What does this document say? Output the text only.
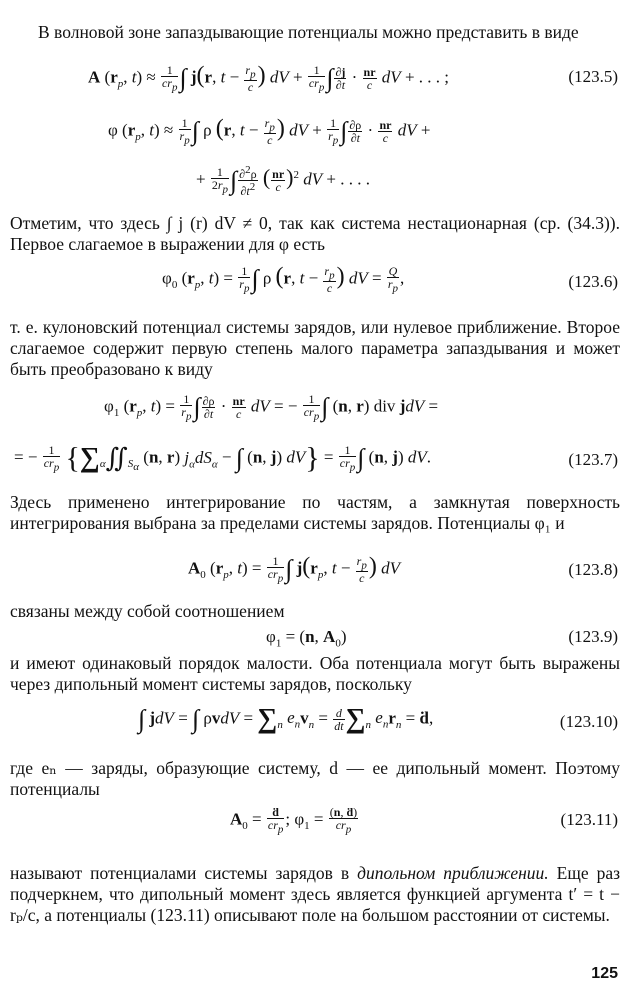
В волновой зоне запаздывающие потенциалы можно представить в виде

A ($r_p$, $t) \approx \frac{1}{cr_p}$ ∫ j(r, $t - \frac{r_p}{c}$ ) dV + $\frac{1}{cr_p}$ ∫ $\frac{\partial j}{\partial t} \cdot \frac{nr}{c}$ dV + . . . ;	(123.5)
φ ($r_p$, $t) \approx \frac{1}{r_p}$ ∫ ρ (r, $t - \frac{r_p}{c}$ ) dV + $\frac{1}{r_p}$ ∫ $\frac{\partial\rho}{\partial t} \cdot \frac{nr}{c}$ dV +
+ $\frac{1}{2r_p}$ ∫ $\frac{\partial^2\rho}{\partial t^2}$ ( $\frac{nr}{c} )^2$ dV + . . . .

Отметим, что здесь ∫ j (r) dV ≠ 0, так как система нестационарная (ср. (34.3)). Первое слагаемое в выражении для φ есть

$\varphi_0$ ($r_p$, $t) = \frac{1}{r_p}$ ∫ ρ (r, $t - \frac{r_p}{c}$ ) dV = $\frac{Q}{r_p}$ ,	(123.6)

т. е. кулоновский потенциал системы зарядов, или нулевое приближение. Второе слагаемое содержит первую степень малого параметра запаздывания и может быть преобразовано к виду

$\varphi_1$ ($r_p$, $t) = \frac{1}{r_p}$ ∫ $\frac{\partial\rho}{\partial t} \cdot \frac{nr}{c}$ dV = − $\frac{1}{cr_p}$ ∫ (n, r) div jdV =
= − $\frac{1}{cr_p}$ {$\sum_\alpha∬_{S_\alpha}$ (n, r) $j_\alpha dS_\alpha$ − ∫ (n, j) $dV\} = \frac{1}{cr_p}$ ∫ (n, j) dV.	(123.7)

Здесь применено интегрирование по частям, а замкнутая поверхность интегрирования выбрана за пределами системы зарядов. Потенциалы φ₁ и

$A_0$ ($r_p$, $t) = \frac{1}{cr_p}$ ∫ $j(r_p$, $t - \frac{r_p}{c}$ ) dV	(123.8)

связаны между собой соотношением

$\varphi_1 = (n$, $A_0$)	(123.9)

и имеют одинаковый порядок малости. Оба потенциала могут быть выражены через дипольный момент системы зарядов, поскольку

∫ jdV = ∫ $\rho vdV = \sum_n$ $e_nv_n = \frac{d}{dt} \sum_n$ $e_nr_n$ = ḋ,	(123.10)

где eₙ — заряды, образующие систему, d — ее дипольный момент. Поэтому потенциалы

$A_0 = \frac{\text{ḋ}}{cr_p}$ ; $\varphi_1 = \frac{\text{(n, ḋ)}}{cr_p}$	(123.11)

называют потенциалами системы зарядов в дипольном приближении. Еще раз подчеркнем, что дипольный момент здесь является функцией аргумента t′ = t − rₚ/c, а потенциалы (123.11) описывают поле на большом расстоянии от системы.

125
